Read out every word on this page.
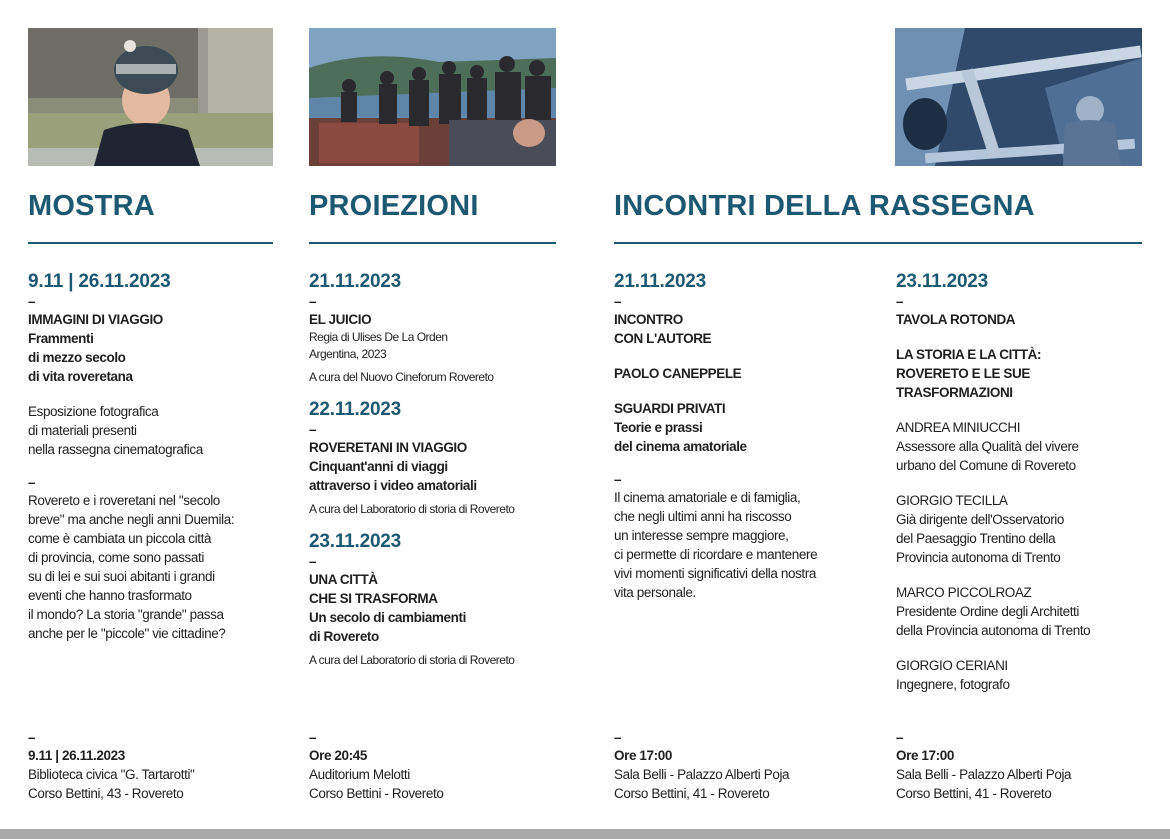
MOSTRA	PROIEZIONI	INCONTRI DELLA RASSEGNA
9.11 | 26.11.2023
–
IMMAGINI DI VIAGGIO
Frammenti
di mezzo secolo
di vita roveretana
Esposizione fotografica
di materiali presenti
nella rassegna cinematografica
–
Rovereto e i roveretani nel "secolo
breve" ma anche negli anni Duemila:
come è cambiata un piccola città
di provincia, come sono passati
su di lei e sui suoi abitanti i grandi
eventi che hanno trasformato
il mondo? La storia "grande" passa
anche per le "piccole" vie cittadine?
21.11.2023
–
EL JUICIO
Regia di Ulises De La Orden
Argentina, 2023
A cura del Nuovo Cineforum Rovereto
22.11.2023
–
ROVERETANI IN VIAGGIO
Cinquant'anni di viaggi
attraverso i video amatoriali
A cura del Laboratorio di storia di Rovereto
23.11.2023
–
UNA CITTÀ
CHE SI TRASFORMA
Un secolo di cambiamenti
di Rovereto
A cura del Laboratorio di storia di Rovereto
21.11.2023
–
INCONTRO
CON L'AUTORE
PAOLO CANEPPELE
SGUARDI PRIVATI
Teorie e prassi
del cinema amatoriale
–
Il cinema amatoriale e di famiglia,
che negli ultimi anni ha riscosso
un interesse sempre maggiore,
ci permette di ricordare e mantenere
vivi momenti significativi della nostra
vita personale.
23.11.2023
–
TAVOLA ROTONDA
LA STORIA E LA CITTÀ:
ROVERETO E LE SUE
TRASFORMAZIONI
ANDREA MINIUCCHI
Assessore alla Qualità del vivere
urbano del Comune di Rovereto
GIORGIO TECILLA
Già dirigente dell'Osservatorio
del Paesaggio Trentino della
Provincia autonoma di Trento
MARCO PICCOLROAZ
Presidente Ordine degli Architetti
della Provincia autonoma di Trento
GIORGIO CERIANI
Ingegnere, fotografo
–
9.11 | 26.11.2023
Biblioteca civica "G. Tartarotti"
Corso Bettini, 43 - Rovereto
–
Ore 20:45
Auditorium Melotti
Corso Bettini - Rovereto
–
Ore 17:00
Sala Belli - Palazzo Alberti Poja
Corso Bettini, 41 - Rovereto
–
Ore 17:00
Sala Belli - Palazzo Alberti Poja
Corso Bettini, 41 - Rovereto
